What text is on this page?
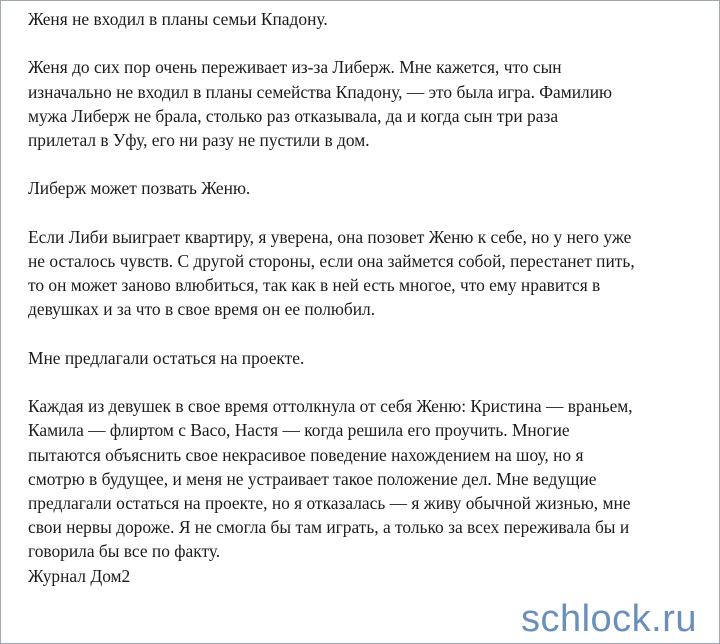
Женя не входил в планы семьи Кпадону.

Женя до сих пор очень переживает из-за Либерж. Мне кажется, что сын
изначально не входил в планы семейства Кпадону, — это была игра. Фамилию
мужа Либерж не брала, столько раз отказывала, да и когда сын три раза
прилетал в Уфу, его ни разу не пустили в дом.

Либерж может позвать Женю.

Если Либи выиграет квартиру, я уверена, она позовет Женю к себе, но у него уже
не осталось чувств. С другой стороны, если она займется собой, перестанет пить,
то он может заново влюбиться, так как в ней есть многое, что ему нравится в
девушках и за что в свое время он ее полюбил.

Мне предлагали остаться на проекте.

Каждая из девушек в свое время оттолкнула от себя Женю: Кристина — враньем,
Камила — флиртом с Васо, Настя — когда решила его проучить. Многие
пытаются объяснить свое некрасивое поведение нахождением на шоу, но я
смотрю в будущее, и меня не устраивает такое положение дел. Мне ведущие
предлагали остаться на проекте, но я отказалась — я живу обычной жизнью, мне
свои нервы дороже. Я не смогла бы там играть, а только за всех переживала бы и
говорила бы все по факту.

Журнал Дом2

schlock.ru
